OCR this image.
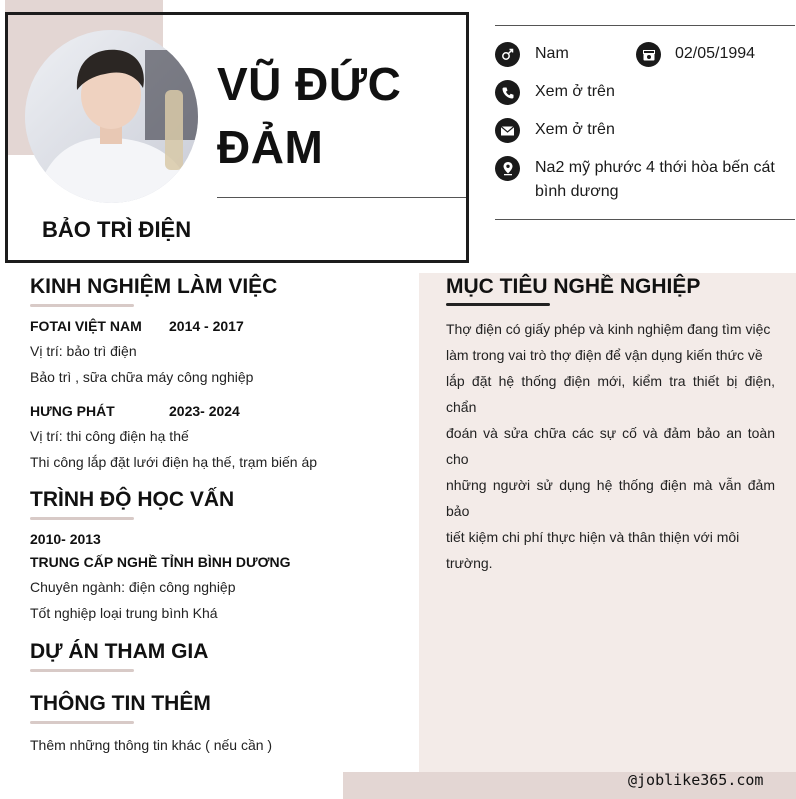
VŨ ĐỨC
ĐẢM
BẢO TRÌ ĐIỆN
Nam	02/05/1994
Xem ở trên
Xem ở trên
Na2 mỹ phước 4 thới hòa bến cát
bình dương
KINH NGHIỆM LÀM VIỆC
FOTAI VIỆT NAM 2014 - 2017
Vị trí: bảo trì điện
Bảo trì , sữa chữa máy công nghiệp
HƯNG PHÁT	2023- 2024
Vị trí: thi công điện hạ thế
Thi công lắp đặt lưới điện hạ thế, trạm biến áp
TRÌNH ĐỘ HỌC VẤN
2010- 2013
TRUNG CẤP NGHỀ TỈNH BÌNH DƯƠNG
Chuyên ngành: điện công nghiệp
Tốt nghiệp loại trung bình Khá
DỰ ÁN THAM GIA
THÔNG TIN THÊM
Thêm những thông tin khác ( nếu cần )
MỤC TIÊU NGHỀ NGHIỆP
Thợ điện có giấy phép và kinh nghiệm đang tìm việc
làm trong vai trò thợ điện để vận dụng kiến thức về
lắp đặt hệ thống điện mới, kiểm tra thiết bị điện, chẩn
đoán và sửa chữa các sự cố và đảm bảo an toàn cho
những người sử dụng hệ thống điện mà vẫn đảm bảo
tiết kiệm chi phí thực hiện và thân thiện với môi
trường.
@joblike365.com
